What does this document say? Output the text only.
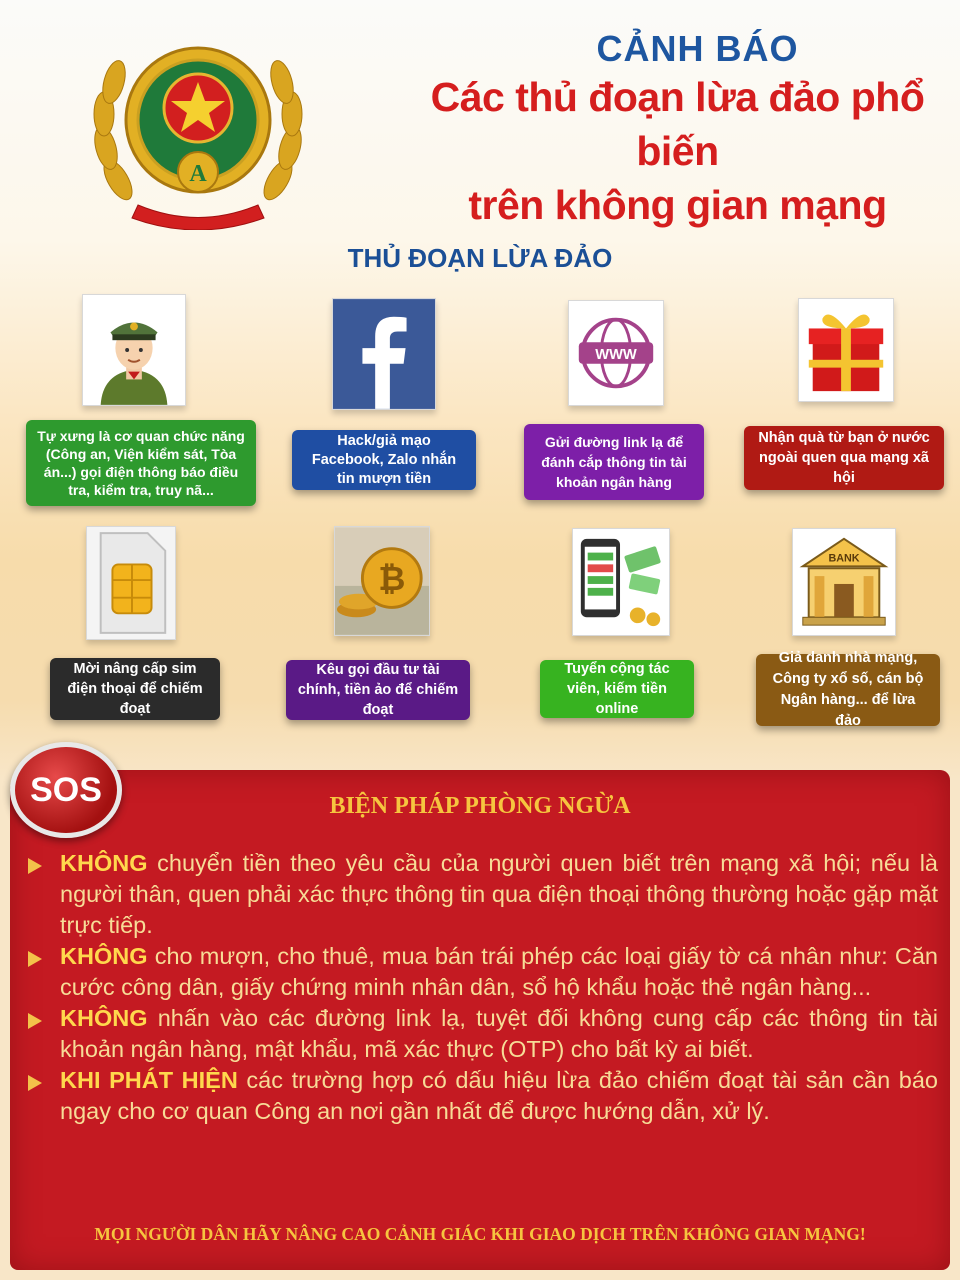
A
CẢNH BÁO
Các thủ đoạn lừa đảo phổ biến
trên không gian mạng
THỦ ĐOẠN LỪA ĐẢO
Tự xưng là cơ quan chức năng (Công an, Viện kiểm sát, Tòa án...) gọi điện thông báo điều tra, kiểm tra, truy nã...
Hack/giả mạo Facebook, Zalo nhắn tin mượn tiền
WWW
Gửi đường link lạ để đánh cắp thông tin tài khoản ngân hàng
Nhận quà từ bạn ở nước ngoài quen qua mạng xã hội
Mời nâng cấp sim điện thoại để chiếm đoạt
₿
Kêu gọi đầu tư tài chính, tiền ảo để chiếm đoạt
Tuyển cộng tác viên, kiếm tiền online
BANK
Giả danh nhà mạng, Công ty xổ số, cán bộ Ngân hàng... để lừa đảo
SOS	BIỆN PHÁP PHÒNG NGỪA

KHÔNG chuyển tiền theo yêu cầu của người quen biết trên mạng xã hội; nếu là người thân, quen phải xác thực thông tin qua điện thoại thông thường hoặc gặp mặt trực tiếp.

KHÔNG cho mượn, cho thuê, mua bán trái phép các loại giấy tờ cá nhân như: Căn cước công dân, giấy chứng minh nhân dân, sổ hộ khẩu hoặc thẻ ngân hàng...

KHÔNG nhấn vào các đường link lạ, tuyệt đối không cung cấp các thông tin tài khoản ngân hàng, mật khẩu, mã xác thực (OTP) cho bất kỳ ai biết.

KHI PHÁT HIỆN các trường hợp có dấu hiệu lừa đảo chiếm đoạt tài sản cần báo ngay cho cơ quan Công an nơi gần nhất để được hướng dẫn, xử lý.

MỌI NGƯỜI DÂN HÃY NÂNG CAO CẢNH GIÁC KHI GIAO DỊCH TRÊN KHÔNG GIAN MẠNG!
